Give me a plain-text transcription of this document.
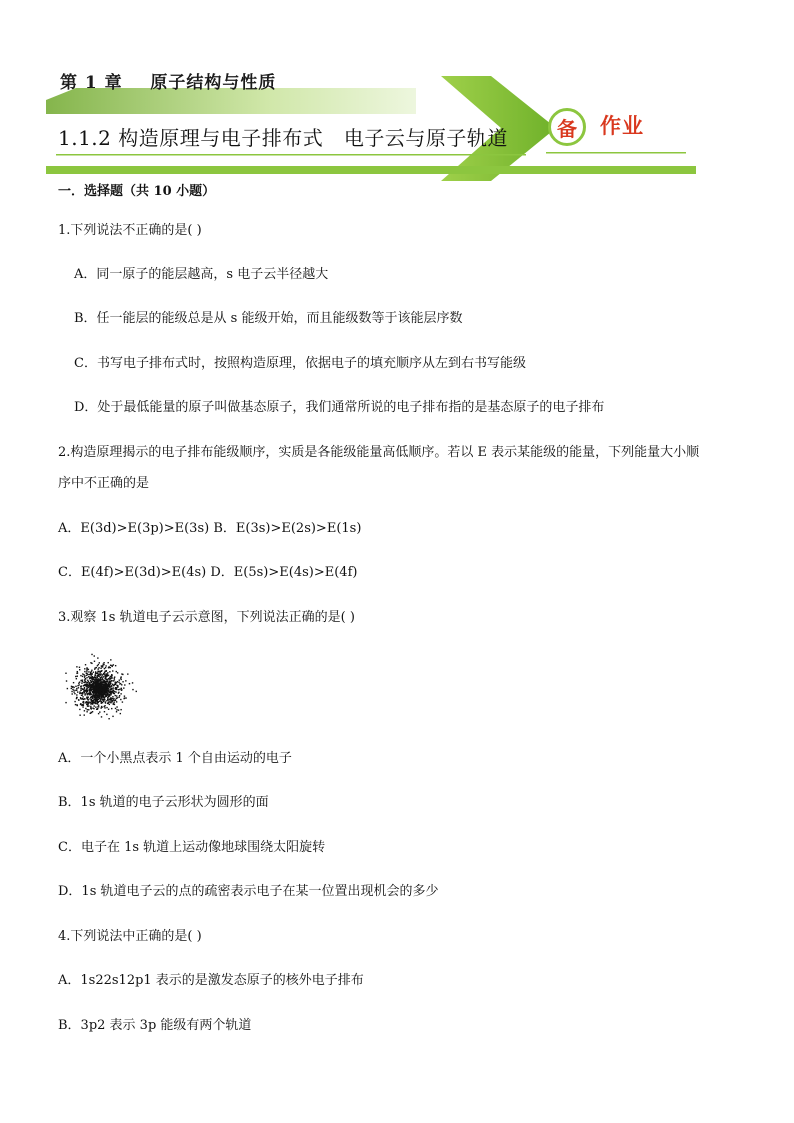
第 1 章    原子结构与性质
1.1.2 构造原理与电子排布式   电子云与原子轨道 备 作业
一．选择题（共 10 小题）
1.下列说法不正确的是( )
A．同一原子的能层越高，s 电子云半径越大
B．任一能层的能级总是从 s 能级开始，而且能级数等于该能层序数
C．书写电子排布式时，按照构造原理，依据电子的填充顺序从左到右书写能级
D．处于最低能量的原子叫做基态原子，我们通常所说的电子排布指的是基态原子的电子排布
2.构造原理揭示的电子排布能级顺序，实质是各能级能量高低顺序。若以 E 表示某能级的能量，下列能量大小顺
序中不正确的是
A．E(3d)>E(3p)>E(3s) B．E(3s)>E(2s)>E(1s)
C．E(4f)>E(3d)>E(4s) D．E(5s)>E(4s)>E(4f)
3.观察 1s 轨道电子云示意图，下列说法正确的是( )
A．一个小黑点表示 1 个自由运动的电子
B．1s 轨道的电子云形状为圆形的面
C．电子在 1s 轨道上运动像地球围绕太阳旋转
D．1s 轨道电子云的点的疏密表示电子在某一位置出现机会的多少
4.下列说法中正确的是( )
A．1s22s12p1 表示的是激发态原子的核外电子排布
B．3p2 表示 3p 能级有两个轨道
